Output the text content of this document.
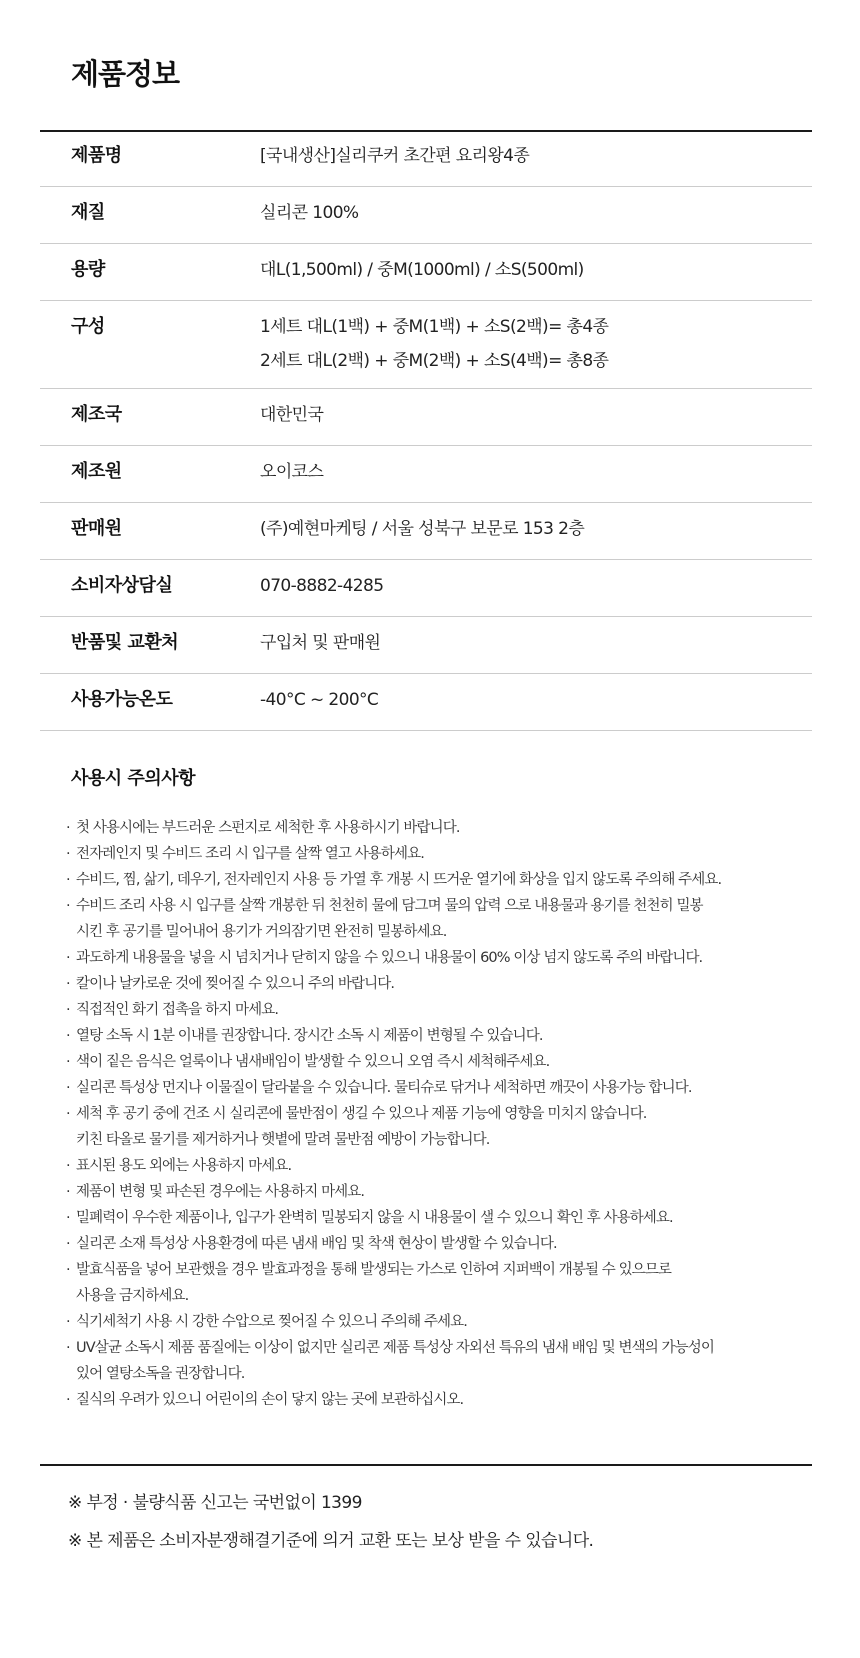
제품정보
제품명	[국내생산]실리쿠커 초간편 요리왕4종
재질	실리콘 100%
용량	대L(1,500ml) / 중M(1000ml) / 소S(500ml)
구성	1세트 대L(1백) + 중M(1백) + 소S(2백)= 총4종
2세트 대L(2백) + 중M(2백) + 소S(4백)= 총8종
제조국	대한민국
제조원	오이코스
판매원	(주)예현마케팅 / 서울 성북구 보문로 153 2층
소비자상담실	070-8882-4285
반품및 교환처	구입처 및 판매원
사용가능온도	-40°C ~ 200°C
사용시 주의사항
· 첫 사용시에는 부드러운 스펀지로 세척한 후 사용하시기 바랍니다.
· 전자레인지 및 수비드 조리 시 입구를 살짝 열고 사용하세요.
· 수비드, 찜, 삶기, 데우기, 전자레인지 사용 등 가열 후 개봉 시 뜨거운 열기에 화상을 입지 않도록 주의해 주세요.
· 수비드 조리 사용 시 입구를 살짝 개봉한 뒤 천천히 물에 담그며 물의 압력 으로 내용물과 용기를 천천히 밀봉
시킨 후 공기를 밀어내어 용기가 거의잠기면 완전히 밀봉하세요.
· 과도하게 내용물을 넣을 시 넘치거나 닫히지 않을 수 있으니 내용물이 60% 이상 넘지 않도록 주의 바랍니다.
· 칼이나 날카로운 것에 찢어질 수 있으니 주의 바랍니다.
· 직접적인 화기 접촉을 하지 마세요.
· 열탕 소독 시 1분 이내를 권장합니다. 장시간 소독 시 제품이 변형될 수 있습니다.
· 색이 짙은 음식은 얼룩이나 냄새배임이 발생할 수 있으니 오염 즉시 세척해주세요.
· 실리콘 특성상 먼지나 이물질이 달라붙을 수 있습니다. 물티슈로 닦거나 세척하면 깨끗이 사용가능 합니다.
· 세척 후 공기 중에 건조 시 실리콘에 물반점이 생길 수 있으나 제품 기능에 영향을 미치지 않습니다.
키친 타올로 물기를 제거하거나 햇볕에 말려 물반점 예방이 가능합니다.
· 표시된 용도 외에는 사용하지 마세요.
· 제품이 변형 및 파손된 경우에는 사용하지 마세요.
· 밀폐력이 우수한 제품이나, 입구가 완벽히 밀봉되지 않을 시 내용물이 샐 수 있으니 확인 후 사용하세요.
· 실리콘 소재 특성상 사용환경에 따른 냄새 배임 및 착색 현상이 발생할 수 있습니다.
· 발효식품을 넣어 보관했을 경우 발효과정을 통해 발생되는 가스로 인하여 지퍼백이 개봉될 수 있으므로
사용을 금지하세요.
· 식기세척기 사용 시 강한 수압으로 찢어질 수 있으니 주의해 주세요.
· UV살균 소독시 제품 품질에는 이상이 없지만 실리콘 제품 특성상 자외선 특유의 냄새 배임 및 변색의 가능성이
있어 열탕소독을 권장합니다.
· 질식의 우려가 있으니 어린이의 손이 닿지 않는 곳에 보관하십시오.

※ 부정 · 불량식품 신고는 국번없이 1399

※ 본 제품은 소비자분쟁해결기준에 의거 교환 또는 보상 받을 수 있습니다.
